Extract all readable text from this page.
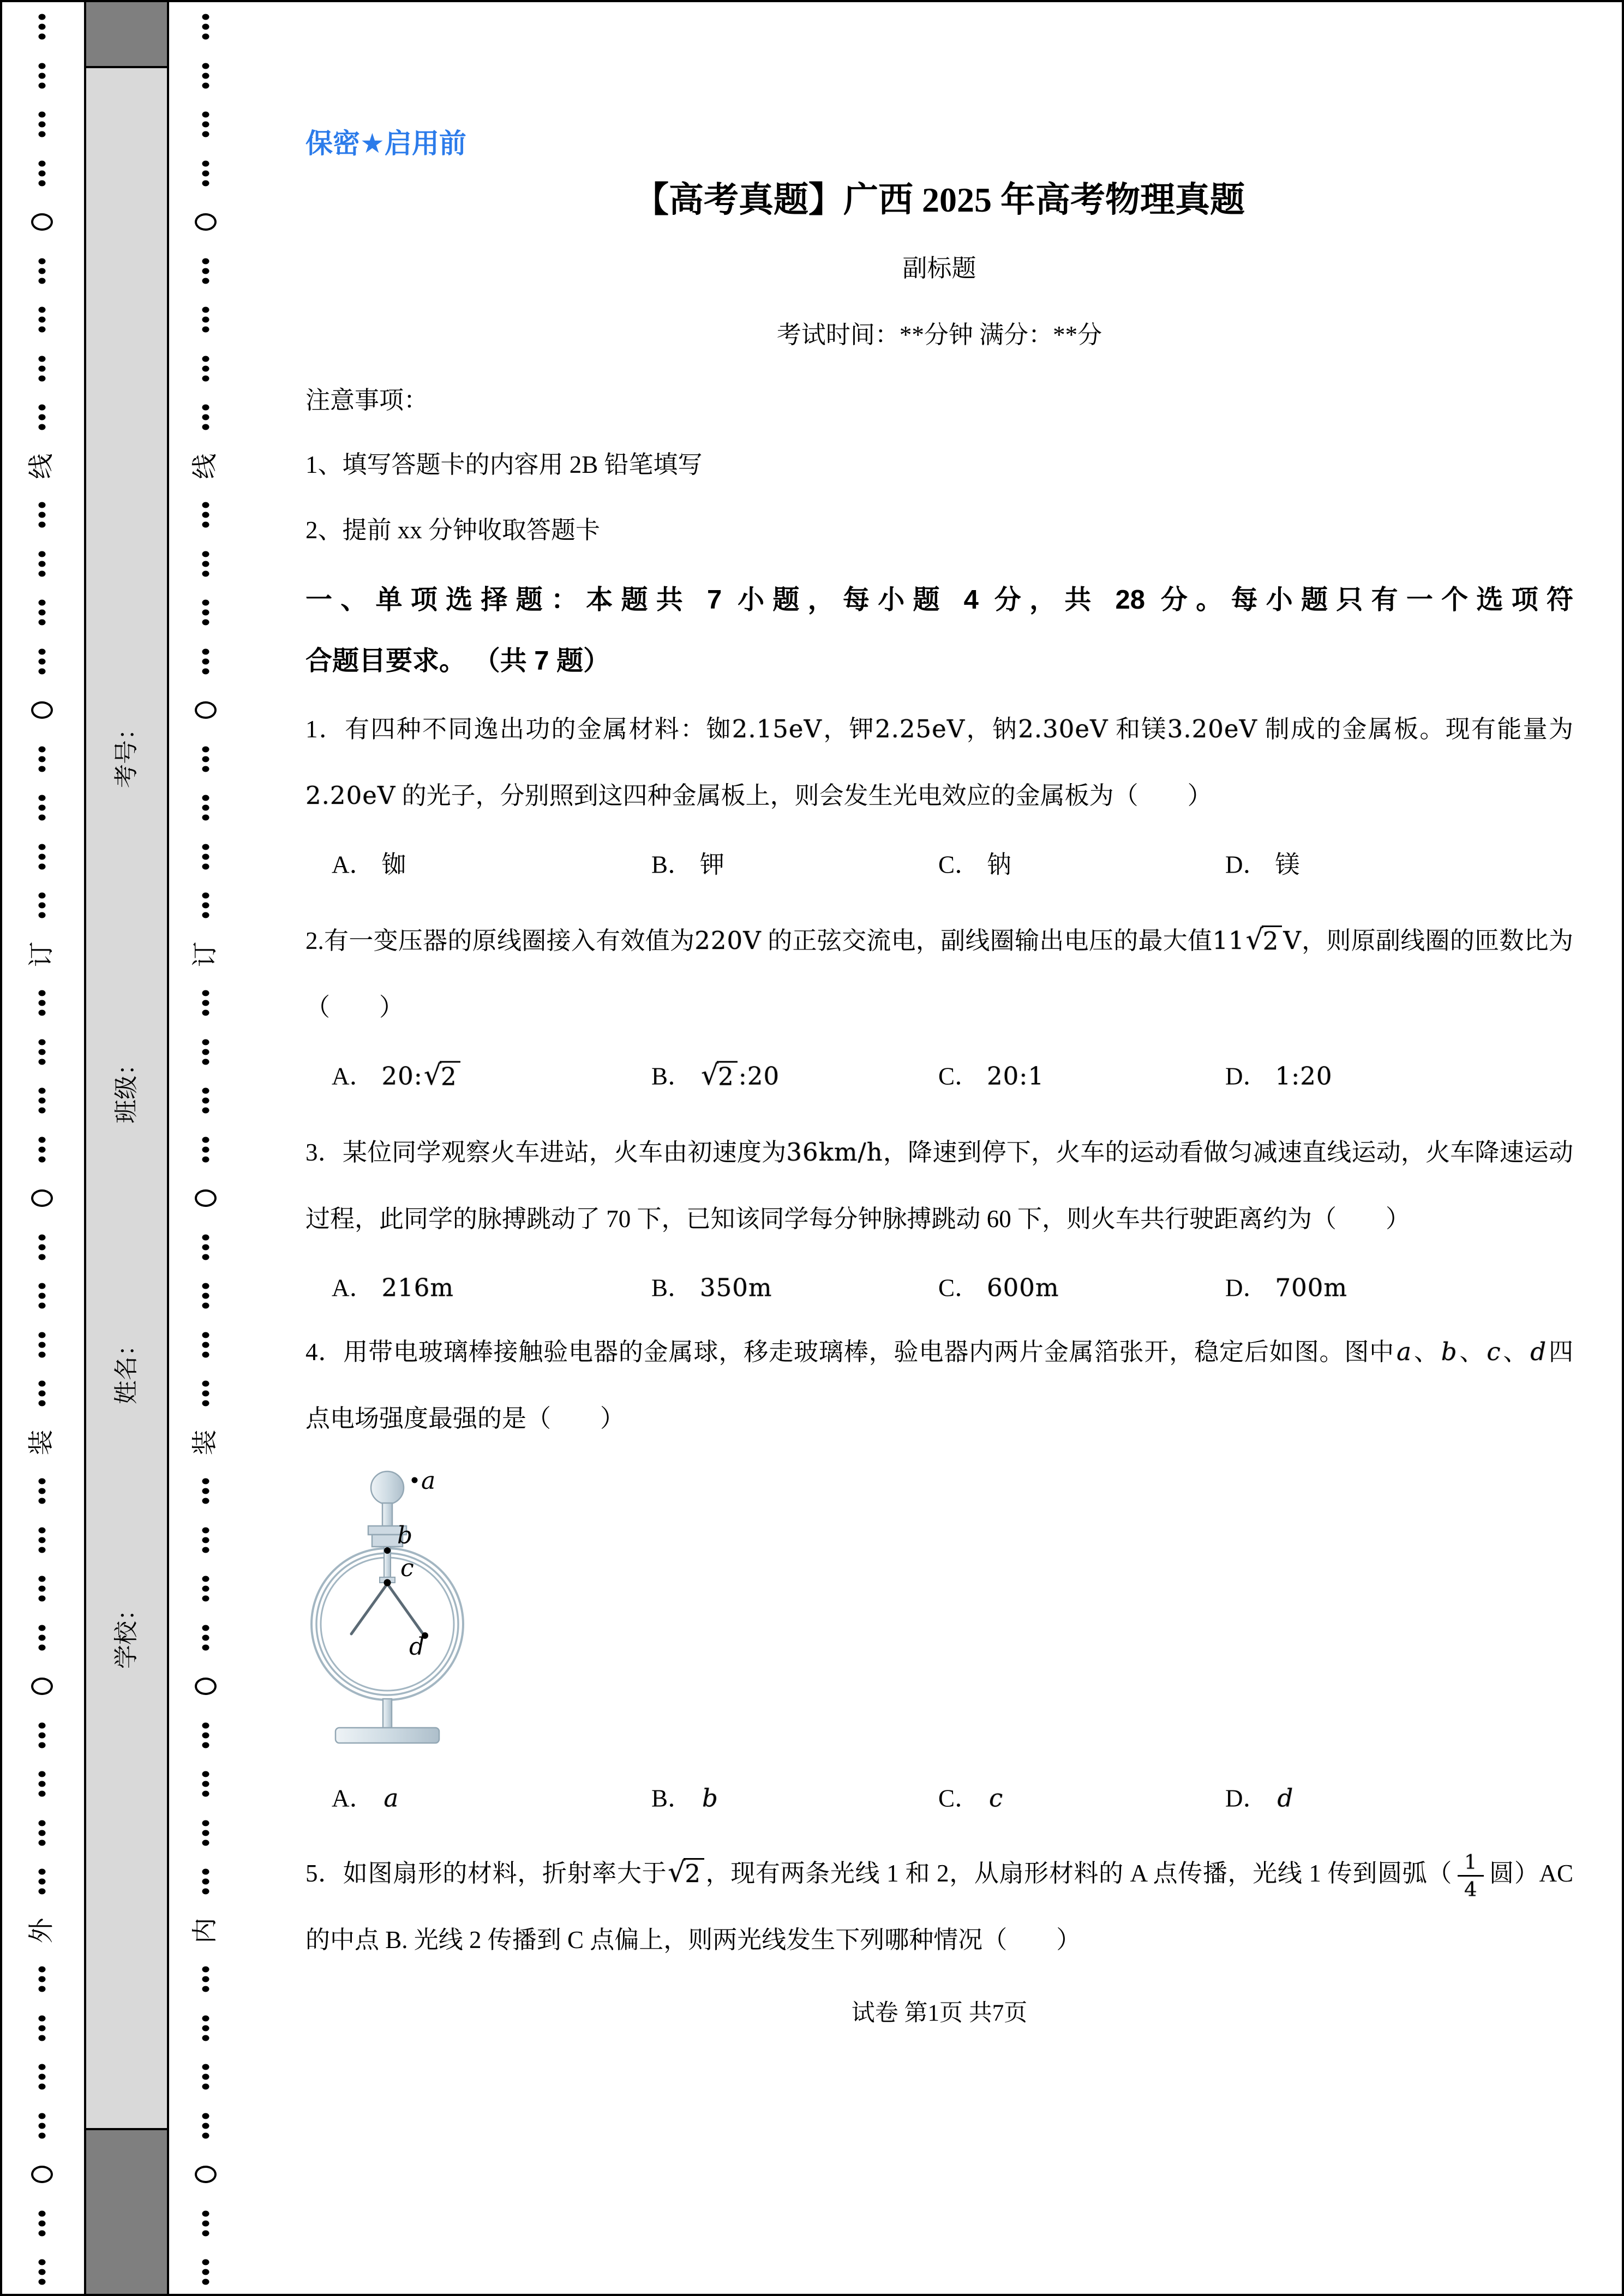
线
订
装
外
线
订
装
内
考号：
班级：
姓名：
学校：
保密★启用前
【高考真题】广西 2025 年高考物理真题
副标题
考试时间：**分钟 满分：**分
注意事项：
1、填写答题卡的内容用 2B 铅笔填写
2、提前 xx 分钟收取答题卡
一、单项选择题：本题共 7 小题，每小题 4 分，共 28 分。每小题只有一个选项符
合题目要求。 （共 7 题）
1．有四种不同逸出功的金属材料：铷2.15eV，钾2.25eV，钠2.30eV 和镁3.20eV 制成的金属板。现有能量为2.20eV 的光子，分别照到这四种金属板上，则会发生光电效应的金属板为（　　）
A． 铷	B． 钾	C． 钠	D． 镁
2.有一变压器的原线圈接入有效值为220V 的正弦交流电，副线圈输出电压的最大值11 √ 2 V，则原副线圈的匝数比为（　　）
A． 20: √ 2	B． √ 2 :20	C． 20:1	D． 1:20
3．某位同学观察火车进站，火车由初速度为36km/h，降速到停下，火车的运动看做匀减速直线运动，火车降速运动过程，此同学的脉搏跳动了 70 下，已知该同学每分钟脉搏跳动 60 下，则火车共行驶距离约为（　　）
A． 216m	B． 350m	C． 600m	D． 700m
4．用带电玻璃棒接触验电器的金属球，移走玻璃棒，验电器内两片金属箔张开，稳定后如图。图中a、b、c、d四点电场强度最强的是（　　）
a
b
c
d
A． a	B． b	C． c	D． d
5．如图扇形的材料，折射率大于 √ 2 ，现有两条光线 1 和 2，从扇形材料的 A 点传播，光线 1 传到圆弧（ $\frac{1}{4}$ 圆）AC 的中点 B. 光线 2 传播到 C 点偏上，则两光线发生下列哪种情况（　　）
试卷 第1页 共7页
